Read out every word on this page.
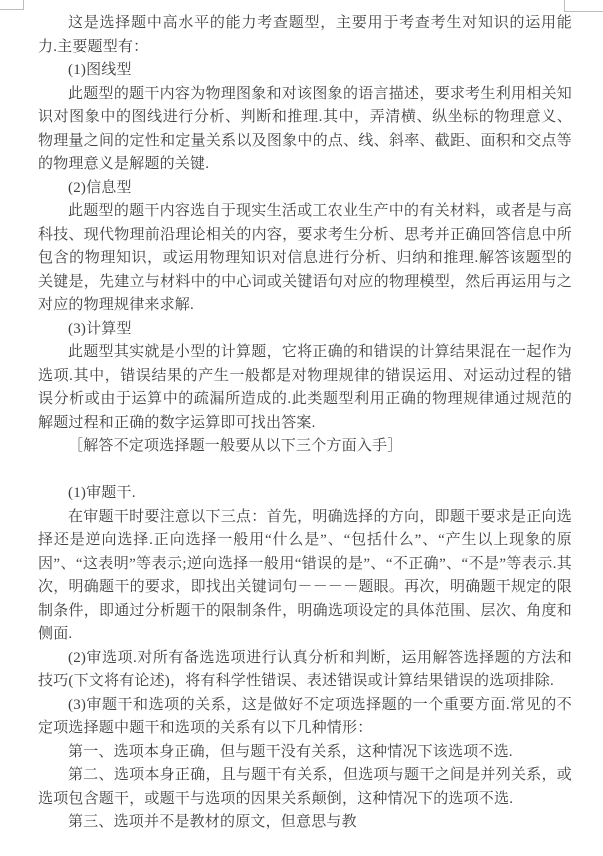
这是选择题中高水平的能力考查题型，主要用于考查考生对知识的运用能力.主要题型有：

(1)图线型

此题型的题干内容为物理图象和对该图象的语言描述，要求考生利用相关知识对图象中的图线进行分析、判断和推理.其中，弄清横、纵坐标的物理意义、物理量之间的定性和定量关系以及图象中的点、线、斜率、截距、面积和交点等的物理意义是解题的关键.

(2)信息型

此题型的题干内容选自于现实生活或工农业生产中的有关材料，或者是与高科技、现代物理前沿理论相关的内容，要求考生分析、思考并正确回答信息中所包含的物理知识，或运用物理知识对信息进行分析、归纳和推理.解答该题型的关键是，先建立与材料中的中心词或关键语句对应的物理模型，然后再运用与之对应的物理规律来求解.

(3)计算型

此题型其实就是小型的计算题，它将正确的和错误的计算结果混在一起作为选项.其中，错误结果的产生一般都是对物理规律的错误运用、对运动过程的错误分析或由于运算中的疏漏所造成的.此类题型利用正确的物理规律通过规范的解题过程和正确的数字运算即可找出答案.

［解答不定项选择题一般要从以下三个方面入手］

(1)审题干.

在审题干时要注意以下三点：首先，明确选择的方向，即题干要求是正向选择还是逆向选择.正向选择一般用“什么是”、“包括什么”、“产生以上现象的原因”、“这表明”等表示;逆向选择一般用“错误的是”、“不正确”、“不是”等表示.其次，明确题干的要求，即找出关键词句－－－－题眼。再次，明确题干规定的限制条件，即通过分析题干的限制条件，明确选项设定的具体范围、层次、角度和侧面.

(2)审选项.对所有备选选项进行认真分析和判断，运用解答选择题的方法和技巧(下文将有论述)，将有科学性错误、表述错误或计算结果错误的选项排除.

(3)审题干和选项的关系，这是做好不定项选择题的一个重要方面.常见的不定项选择题中题干和选项的关系有以下几种情形：

第一、选项本身正确，但与题干没有关系，这种情况下该选项不选.

第二、选项本身正确，且与题干有关系，但选项与题干之间是并列关系，或选项包含题干，或题干与选项的因果关系颠倒，这种情况下的选项不选.

第三、选项并不是教材的原文，但意思与教
